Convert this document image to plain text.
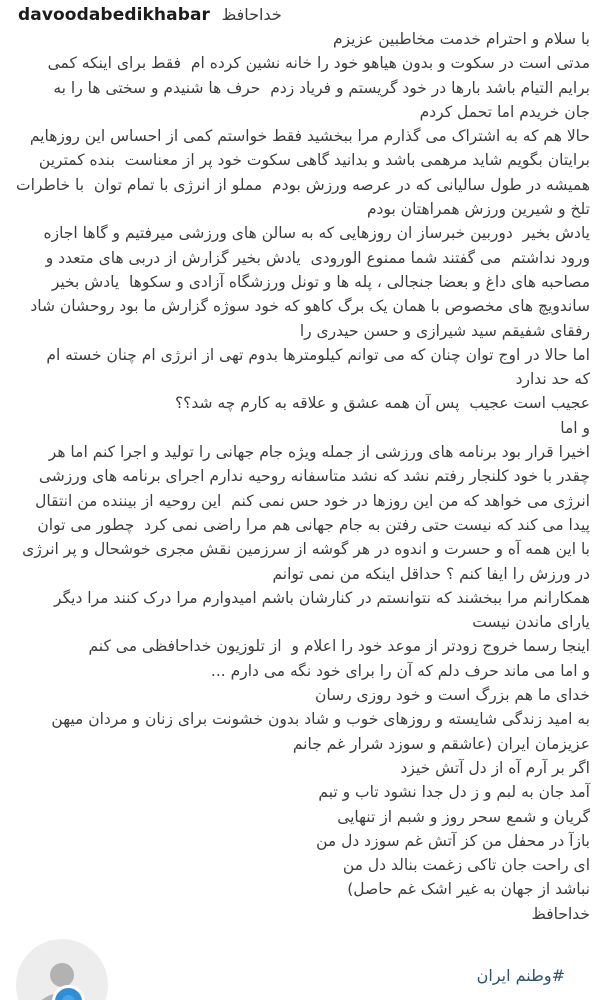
davoodabedikhabar خداحافظ
با سلام و احترام خدمت مخاطبین عزیزم
مدتی است در سکوت و بدون هیاهو خود را خانه نشین کرده ام  فقط برای اینکه کمی
برایم التیام باشد بارها در خود گریستم و فریاد زدم  حرف ها شنیدم و سختی ها را به
جان خریدم اما تحمل کردم
حالا هم که به اشتراک می گذارم مرا ببخشید فقط خواستم کمی از احساس این روزهایم
برایتان بگویم شاید مرهمی باشد و بدانید گاهی سکوت خود پر از معناست  بنده کمترین
همیشه در طول سالیانی که در عرصه ورزش بودم  مملو از انرژی با تمام توان  با خاطرات
تلخ و شیرین ورزش همراهتان بودم
یادش بخیر  دوربین خبرساز ان روزهایی که به سالن های ورزشی میرفتیم و گاها اجازه
ورود نداشتم  می گفتند شما ممنوع الورودی  یادش بخیر گزارش از دربی های متعدد و
مصاحبه های داغ و بعضا جنجالی ، پله ها و تونل ورزشگاه آزادی و سکوها  یادش بخیر
ساندویچ های مخصوص با همان یک برگ کاهو که خود سوژه گزارش ما بود روحشان شاد
رفقای شفیقم سید شیرازی و حسن حیدری را
اما حالا در اوج توان چنان که می توانم کیلومترها بدوم تهی از انرژی ام چنان خسته ام
که حد ندارد
عجیب است عجیب  پس آن همه عشق و علاقه به کارم چه شد؟؟
و اما
اخیرا قرار بود برنامه های ورزشی از جمله ویژه جام جهانی را تولید و اجرا کنم اما هر
چقدر با خود کلنجار رفتم نشد که نشد متاسفانه روحیه ندارم اجرای برنامه های ورزشی
انرژی می خواهد که من این روزها در خود حس نمی کنم  این روحیه از بیننده من انتقال
پیدا می کند که نیست حتی رفتن به جام جهانی هم مرا راضی نمی کرد  چطور می توان
با این همه آه و حسرت و اندوه در هر گوشه از سرزمین نقش مجری خوشحال و پر انرژی
در ورزش را ایفا کنم ؟ حداقل اینکه من نمی توانم
همکارانم مرا ببخشند که نتوانستم در کنارشان باشم امیدوارم مرا درک کنند مرا دیگر
یارای ماندن نیست
اینجا رسما خروج زودتر از موعد خود را اعلام و  از تلوزیون خداحافظی می کنم
و اما می ماند حرف دلم که آن را برای خود نگه می دارم ...
خدای ما هم بزرگ است و خود روزی رسان
به امید زندگی شایسته و روزهای خوب و شاد بدون خشونت برای زنان و مردان میهن
عزیزمان ایران (عاشقم و سوزد شرار غم جانم
اگر بر آرم آه از دل آتش خیزد
آمد جان به لبم و ز دل جدا نشود تاب و تبم
گریان و شمع سحر روز و شبم از تنهایی
بازآ در محفل من کز آتش غم سوزد دل من
ای راحت جان تاکی زغمت بنالد دل من
نباشد از جهان به غیر اشک غم حاصل)
خداحافظ
#وطنم ایران
